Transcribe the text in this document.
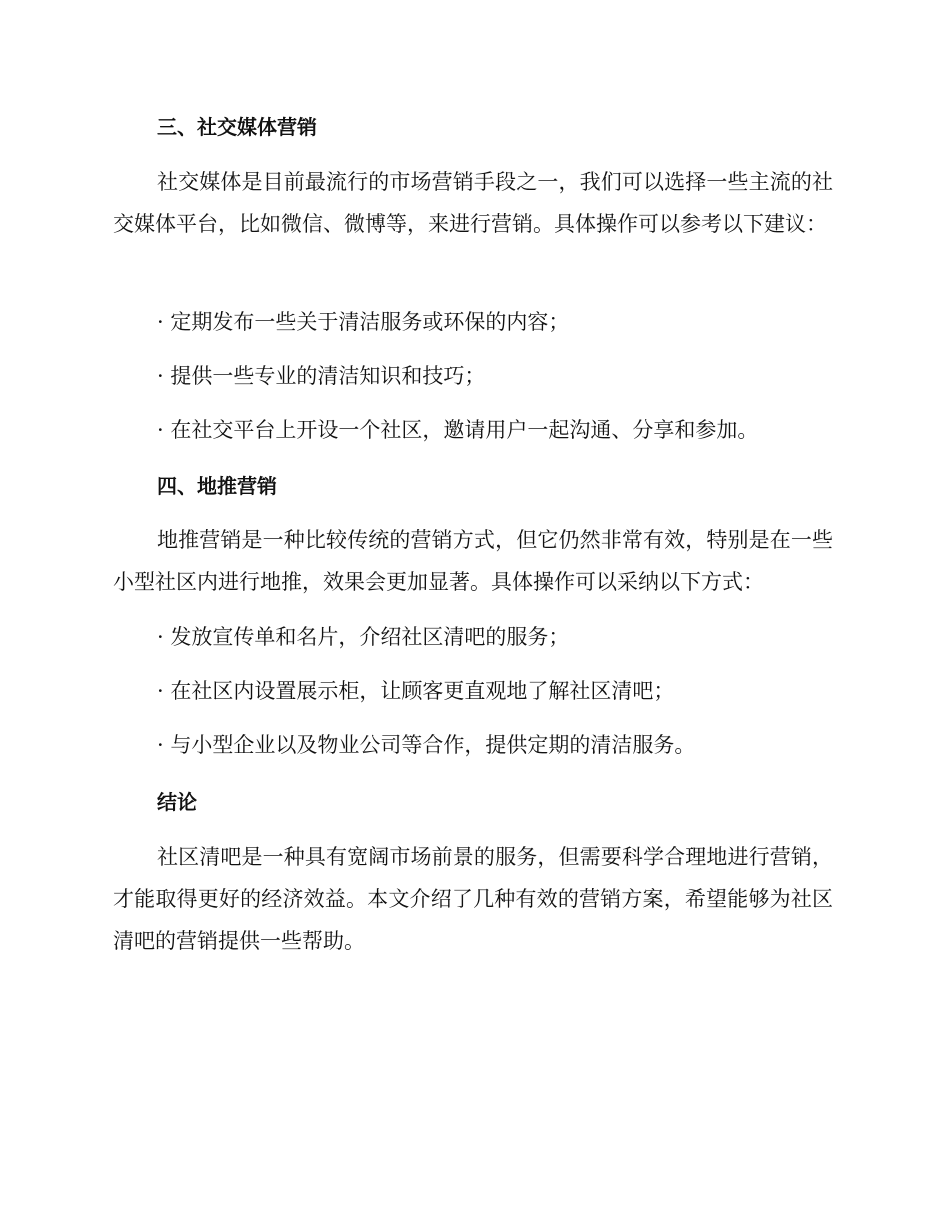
三、社交媒体营销

社交媒体是目前最流行的市场营销手段之一，我们可以选择一些主流的社交媒体平台，比如微信、微博等，来进行营销。具体操作可以参考以下建议：

· 定期发布一些关于清洁服务或环保的内容；
· 提供一些专业的清洁知识和技巧；
· 在社交平台上开设一个社区，邀请用户一起沟通、分享和参加。
四、地推营销

地推营销是一种比较传统的营销方式，但它仍然非常有效，特别是在一些小型社区内进行地推，效果会更加显著。具体操作可以采纳以下方式：

· 发放宣传单和名片，介绍社区清吧的服务；
· 在社区内设置展示柜，让顾客更直观地了解社区清吧；
· 与小型企业以及物业公司等合作，提供定期的清洁服务。
结论

社区清吧是一种具有宽阔市场前景的服务，但需要科学合理地进行营销，才能取得更好的经济效益。本文介绍了几种有效的营销方案，希望能够为社区清吧的营销提供一些帮助。
